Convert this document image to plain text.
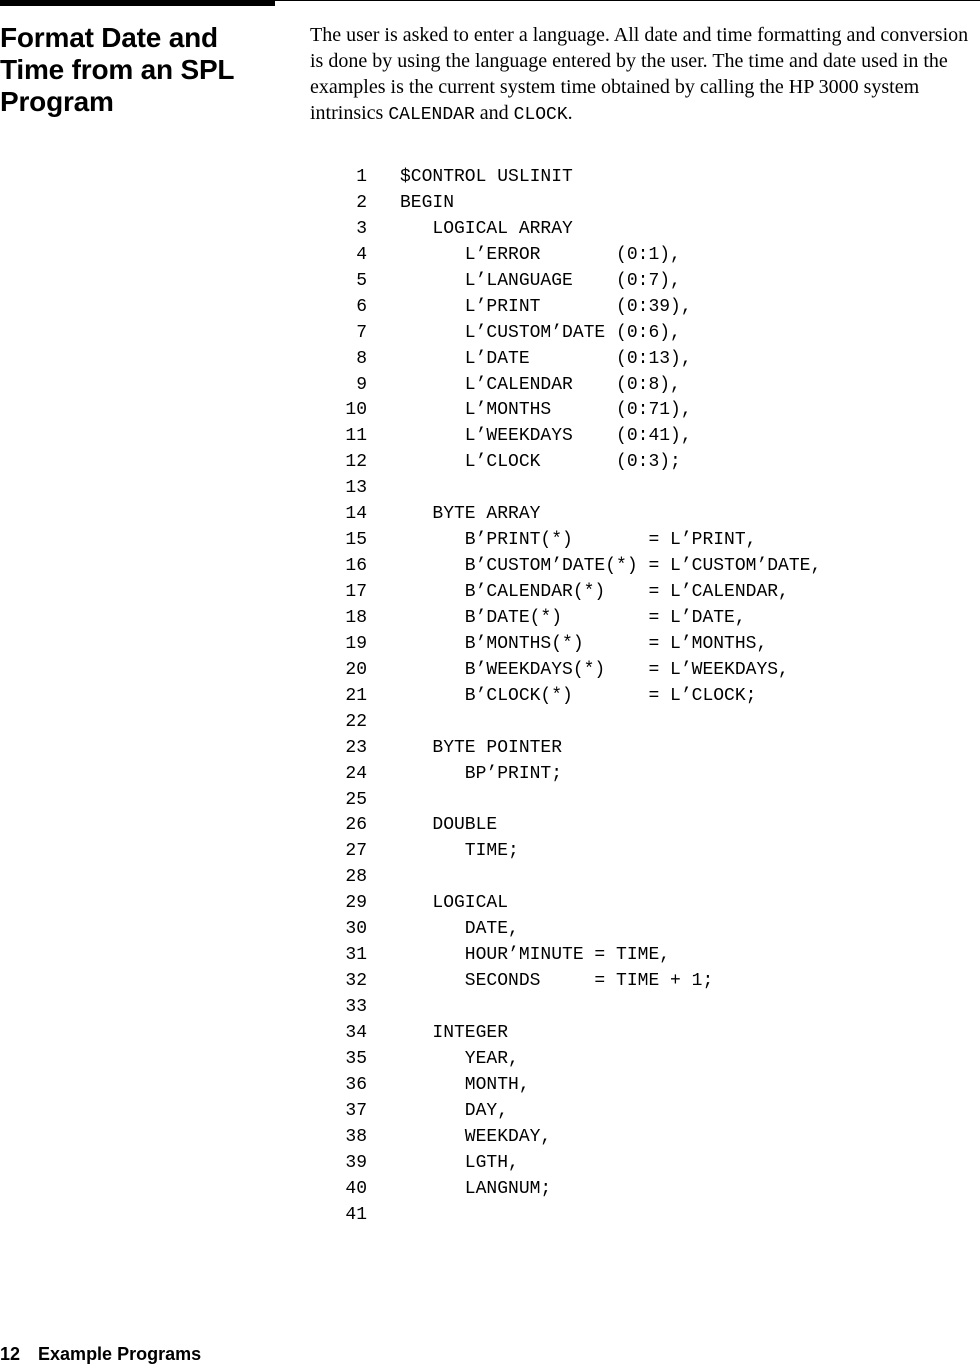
Format Date and
Time from an SPL
Program

The user is asked to enter a language. All date and time formatting and conversion is done by using the language entered by the user. The time and date used in the examples is the current system time obtained by calling the HP 3000 system intrinsics CALENDAR and CLOCK.

1 $CONTROL USLINIT
2 BEGIN
3   LOGICAL ARRAY
4      L’ERROR       (0:1),
5      L’LANGUAGE    (0:7),
6      L’PRINT       (0:39),
7      L’CUSTOM’DATE (0:6),
8      L’DATE        (0:13),
9      L’CALENDAR    (0:8),
10      L’MONTHS      (0:71),
11      L’WEEKDAYS    (0:41),
12      L’CLOCK       (0:3);
13
14   BYTE ARRAY
15      B’PRINT(*)       = L’PRINT,
16      B’CUSTOM’DATE(*) = L’CUSTOM’DATE,
17      B’CALENDAR(*)    = L’CALENDAR,
18      B’DATE(*)        = L’DATE,
19      B’MONTHS(*)      = L’MONTHS,
20      B’WEEKDAYS(*)    = L’WEEKDAYS,
21      B’CLOCK(*)       = L’CLOCK;
22
23   BYTE POINTER
24      BP’PRINT;
25
26   DOUBLE
27      TIME;
28
29   LOGICAL
30      DATE,
31      HOUR’MINUTE = TIME,
32      SECONDS     = TIME + 1;
33
34   INTEGER
35      YEAR,
36      MONTH,
37      DAY,
38      WEEKDAY,
39      LGTH,
40      LANGNUM;
41
12 Example Programs
